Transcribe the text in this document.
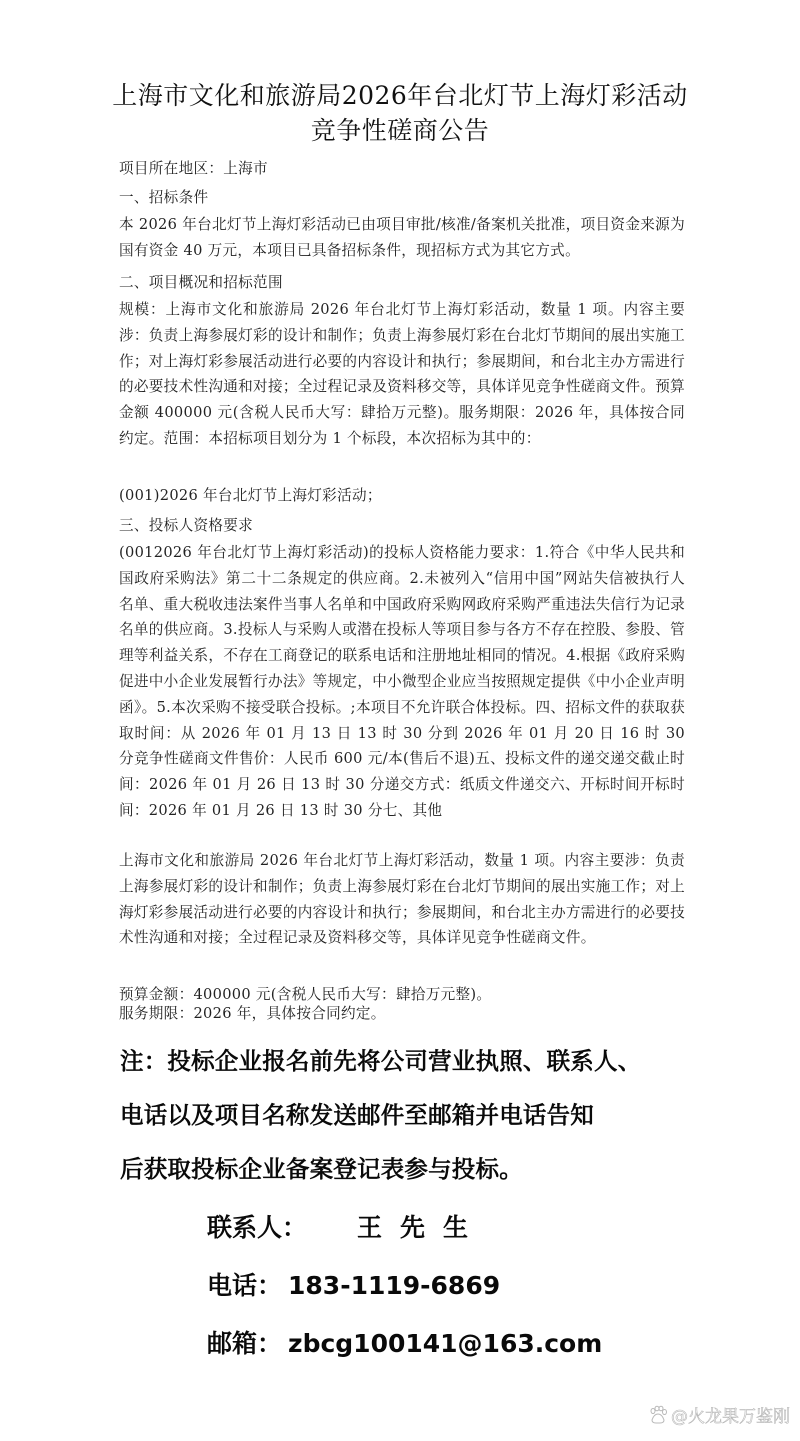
上海市文化和旅游局2026年台北灯节上海灯彩活动
竞争性磋商公告
项目所在地区：上海市
一、招标条件
本 2026 年台北灯节上海灯彩活动已由项目审批/核准/备案机关批准，项目资金来源为国有资金 40 万元，本项目已具备招标条件，现招标方式为其它方式。
二、项目概况和招标范围
规模：上海市文化和旅游局 2026 年台北灯节上海灯彩活动，数量 1 项。内容主要涉：负责上海参展灯彩的设计和制作；负责上海参展灯彩在台北灯节期间的展出实施工作；对上海灯彩参展活动进行必要的内容设计和执行；参展期间，和台北主办方需进行的必要技术性沟通和对接；全过程记录及资料移交等，具体详见竞争性磋商文件。预算金额 400000 元(含税人民币大写：肆拾万元整)。服务期限：2026 年，具体按合同约定。范围：本招标项目划分为 1 个标段，本次招标为其中的：
(001)2026 年台北灯节上海灯彩活动；
三、投标人资格要求
(0012026 年台北灯节上海灯彩活动)的投标人资格能力要求：1.符合《中华人民共和国政府采购法》第二十二条规定的供应商。2.未被列入“信用中国”网站失信被执行人名单、重大税收违法案件当事人名单和中国政府采购网政府采购严重违法失信行为记录名单的供应商。3.投标人与采购人或潜在投标人等项目参与各方不存在控股、参股、管理等利益关系，不存在工商登记的联系电话和注册地址相同的情况。4.根据《政府采购促进中小企业发展暂行办法》等规定，中小微型企业应当按照规定提供《中小企业声明函》。5.本次采购不接受联合投标。;本项目不允许联合体投标。四、招标文件的获取获取时间：从 2026 年 01 月 13 日 13 时 30 分到 2026 年 01 月 20 日 16 时 30 分竞争性磋商文件售价：人民币 600 元/本(售后不退)五、投标文件的递交递交截止时间：2026 年 01 月 26 日 13 时 30 分递交方式：纸质文件递交六、开标时间开标时间：2026 年 01 月 26 日 13 时 30 分七、其他
上海市文化和旅游局 2026 年台北灯节上海灯彩活动，数量 1 项。内容主要涉：负责上海参展灯彩的设计和制作；负责上海参展灯彩在台北灯节期间的展出实施工作；对上海灯彩参展活动进行必要的内容设计和执行；参展期间，和台北主办方需进行的必要技术性沟通和对接；全过程记录及资料移交等，具体详见竞争性磋商文件。
预算金额：400000 元(含税人民币大写：肆拾万元整)。
服务期限：2026 年，具体按合同约定。
注：投标企业报名前先将公司营业执照、联系人、
电话以及项目名称发送邮件至邮箱并电话告知
后获取投标企业备案登记表参与投标。
联系人： 王先生
电话： 183-1119-6869
邮箱： zbcg100141@163.com
@火龙果万鉴刚
